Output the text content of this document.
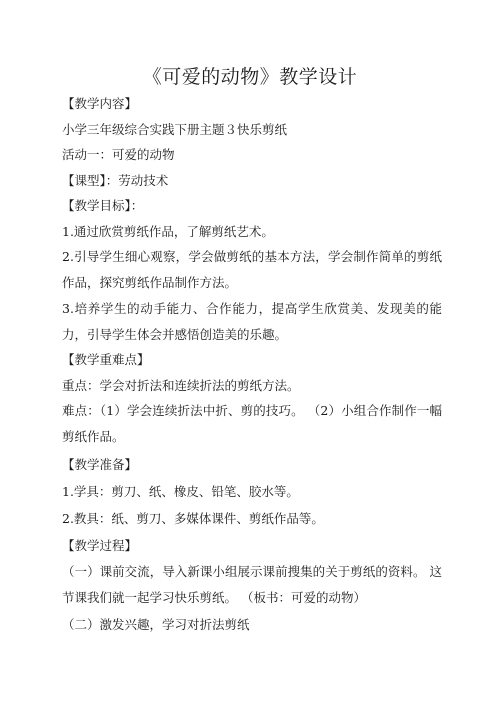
《可爱的动物》教学设计
【教学内容】
小学三年级综合实践下册主题３快乐剪纸
活动一：可爱的动物
【课型】：劳动技术
【教学目标】：
1.通过欣赏剪纸作品，了解剪纸艺术。
2.引导学生细心观察，学会做剪纸的基本方法，学会制作简单的剪纸作品，探究剪纸作品制作方法。
3.培养学生的动手能力、合作能力，提高学生欣赏美、发现美的能力，引导学生体会并感悟创造美的乐趣。
【教学重难点】
重点：学会对折法和连续折法的剪纸方法。
难点：（1）学会连续折法中折、剪的技巧。 （2）小组合作制作一幅剪纸作品。
【教学准备】
1.学具：剪刀、纸、橡皮、铅笔、胶水等。
2.教具：纸、剪刀、多媒体课件、剪纸作品等。
【教学过程】
（一）课前交流，导入新课小组展示课前搜集的关于剪纸的资料。 这节课我们就一起学习快乐剪纸。 （板书：可爱的动物）
（二）激发兴趣，学习对折法剪纸
